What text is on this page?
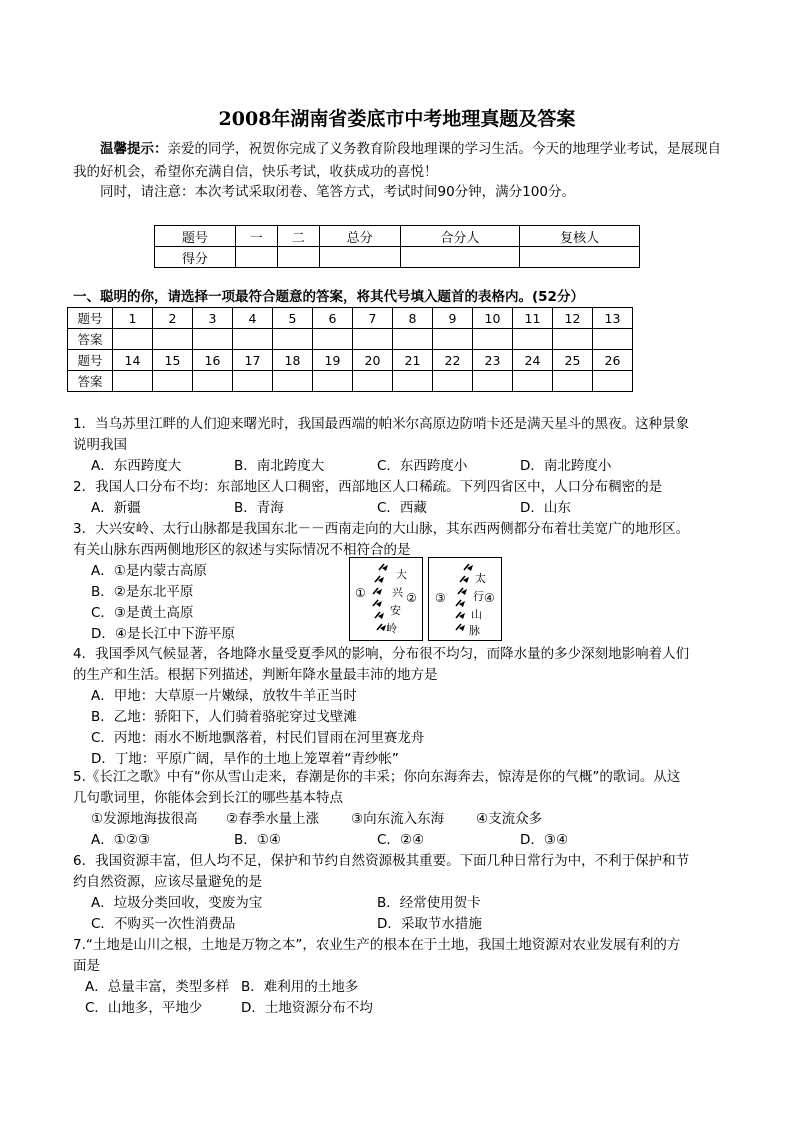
2008年湖南省娄底市中考地理真题及答案
温馨提示：亲爱的同学，祝贺你完成了义务教育阶段地理课的学习生活。今天的地理学业考试，是展现自我的好机会，希望你充满自信，快乐考试，收获成功的喜悦！
同时，请注意：本次考试采取闭卷、笔答方式，考试时间90分钟，满分100分。
题号	一	二	总分	合分人	复核人
得分					
一、聪明的你，请选择一项最符合题意的答案，将其代号填入题首的表格内。(52分）
题号	1	2	3	4	5	6	7	8	9	10	11	12	13
答案													
题号	14	15	16	17	18	19	20	21	22	23	24	25	26
答案													
1．当乌苏里江畔的人们迎来曙光时，我国最西端的帕米尔高原边防哨卡还是满天星斗的黑夜。这种景象
说明我国
A．东西跨度大	B．南北跨度大	C．东西跨度小	D．南北跨度小
2．我国人口分布不均：东部地区人口稠密，西部地区人口稀疏。下列四省区中，人口分布稠密的是
A．新疆	B．青海	C．西藏	D．山东
3．大兴安岭、太行山脉都是我国东北－－西南走向的大山脉，其东西两侧都分布着壮美宽广的地形区。
有关山脉东西两侧地形区的叙述与实际情况不相符合的是
A．①是内蒙古高原
B．②是东北平原
C．③是黄土高原
D．④是长江中下游平原
①	②
大
兴
安
岭
③	④
太
行
山
脉
4．我国季风气候显著，各地降水量受夏季风的影响，分布很不均匀，而降水量的多少深刻地影响着人们
的生产和生活。根据下列描述，判断年降水量最丰沛的地方是
A．甲地：大草原一片嫩绿，放牧牛羊正当时
B．乙地：骄阳下，人们骑着骆驼穿过戈壁滩
C．丙地：雨水不断地飘落着，村民们冒雨在河里赛龙舟
D．丁地：平原广阔，旱作的土地上笼罩着“青纱帐”
5.《长江之歌》中有“你从雪山走来，春潮是你的丰采；你向东海奔去，惊涛是你的气概”的歌词。从这
几句歌词里，你能体会到长江的哪些基本特点
①发源地海拔很高 ②春季水量上涨 ③向东流入东海 ④支流众多
A．①②③	B．①④	C．②④	D．③④
6．我国资源丰富，但人均不足，保护和节约自然资源极其重要。下面几种日常行为中，不利于保护和节
约自然资源，应该尽量避免的是
A．垃圾分类回收，变废为宝	B．经常使用贺卡
C．不购买一次性消费品	D．采取节水措施
7.“土地是山川之根，土地是万物之本”，农业生产的根本在于土地，我国土地资源对农业发展有利的方
面是
A．总量丰富，类型多样 B．难利用的土地多
C．山地多，平地少	D．土地资源分布不均
